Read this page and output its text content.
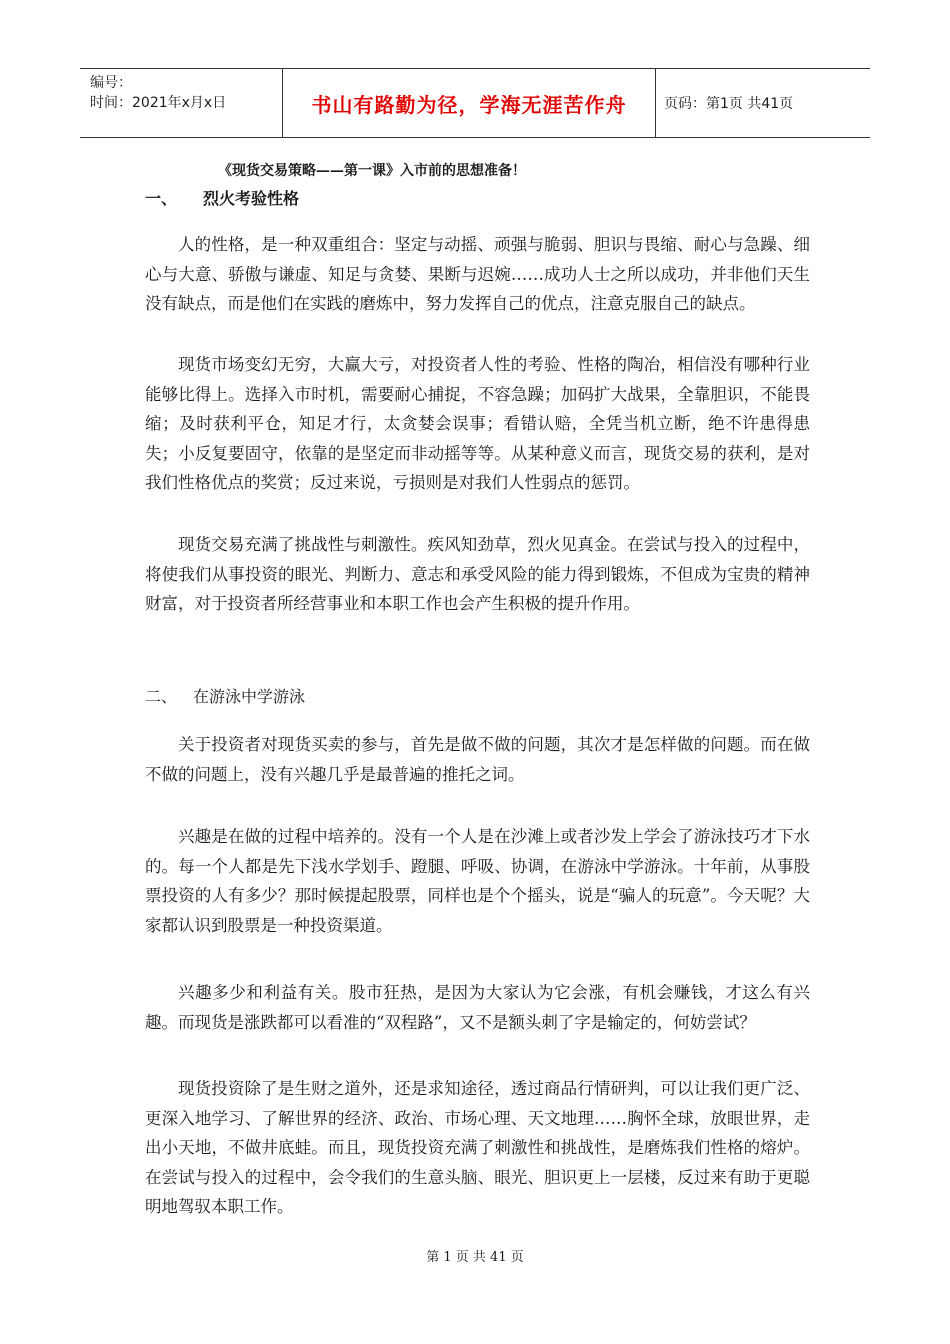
编号：
时间：2021年x月x日	书山有路勤为径，学海无涯苦作舟	页码：第1页 共41页
《现货交易策略——第一课》入市前的思想准备！
一、 烈火考验性格

人的性格，是一种双重组合：坚定与动摇、顽强与脆弱、胆识与畏缩、耐心与急躁、细心与大意、骄傲与谦虚、知足与贪婪、果断与迟婉……成功人士之所以成功，并非他们天生没有缺点，而是他们在实践的磨炼中，努力发挥自己的优点，注意克服自己的缺点。

现货市场变幻无穷，大赢大亏，对投资者人性的考验、性格的陶冶，相信没有哪种行业能够比得上。选择入市时机，需要耐心捕捉，不容急躁；加码扩大战果，全靠胆识，不能畏缩；及时获利平仓，知足才行，太贪婪会误事；看错认赔，全凭当机立断，绝不许患得患失；小反复要固守，依靠的是坚定而非动摇等等。从某种意义而言，现货交易的获利，是对我们性格优点的奖赏；反过来说，亏损则是对我们人性弱点的惩罚。

现货交易充满了挑战性与刺激性。疾风知劲草，烈火见真金。在尝试与投入的过程中，将使我们从事投资的眼光、判断力、意志和承受风险的能力得到锻炼，不但成为宝贵的精神财富，对于投资者所经营事业和本职工作也会产生积极的提升作用。

二、 在游泳中学游泳

关于投资者对现货买卖的参与，首先是做不做的问题，其次才是怎样做的问题。而在做不做的问题上，没有兴趣几乎是最普遍的推托之词。

兴趣是在做的过程中培养的。没有一个人是在沙滩上或者沙发上学会了游泳技巧才下水的。每一个人都是先下浅水学划手、蹬腿、呼吸、协调，在游泳中学游泳。十年前，从事股票投资的人有多少？那时候提起股票，同样也是个个摇头，说是“骗人的玩意”。今天呢？大家都认识到股票是一种投资渠道。

兴趣多少和利益有关。股市狂热，是因为大家认为它会涨，有机会赚钱，才这么有兴趣。而现货是涨跌都可以看准的“双程路”，又不是额头刺了字是输定的，何妨尝试？

现货投资除了是生财之道外，还是求知途径，透过商品行情研判，可以让我们更广泛、更深入地学习、了解世界的经济、政治、市场心理、天文地理……胸怀全球，放眼世界，走出小天地，不做井底蛙。而且，现货投资充满了刺激性和挑战性，是磨炼我们性格的熔炉。在尝试与投入的过程中，会令我们的生意头脑、眼光、胆识更上一层楼，反过来有助于更聪明地驾驭本职工作。

第 1 页 共 41 页
